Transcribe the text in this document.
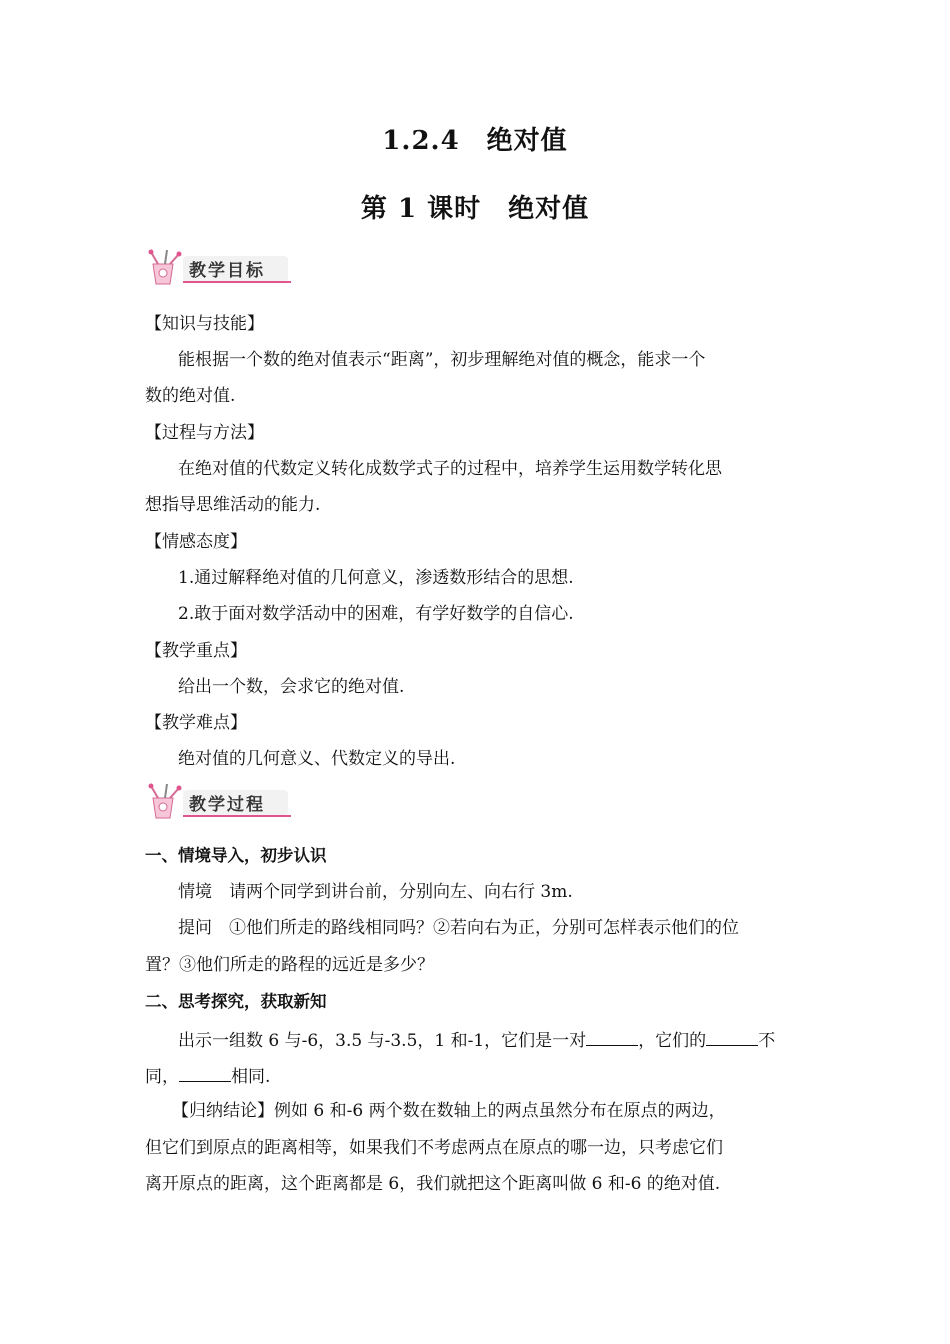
1.2.4　绝对值
第 1 课时　绝对值
教学目标
【知识与技能】
能根据一个数的绝对值表示“距离”，初步理解绝对值的概念，能求一个
数的绝对值.
【过程与方法】
在绝对值的代数定义转化成数学式子的过程中，培养学生运用数学转化思
想指导思维活动的能力.
【情感态度】
1.通过解释绝对值的几何意义，渗透数形结合的思想.
2.敢于面对数学活动中的困难，有学好数学的自信心.
【教学重点】
给出一个数，会求它的绝对值.
【教学难点】
绝对值的几何意义、代数定义的导出.
教学过程
一、情境导入，初步认识
情境　请两个同学到讲台前，分别向左、向右行 3m.
提问　①他们所走的路线相同吗？②若向右为正，分别可怎样表示他们的位
置？③他们所走的路程的远近是多少？
二、思考探究，获取新知
出示一组数 6 与-6，3.5 与-3.5，1 和-1，它们是一对	，它们的	不
同，	相同.
【归纳结论】例如 6 和-6 两个数在数轴上的两点虽然分布在原点的两边，
但它们到原点的距离相等，如果我们不考虑两点在原点的哪一边，只考虑它们
离开原点的距离，这个距离都是 6，我们就把这个距离叫做 6 和-6 的绝对值.
